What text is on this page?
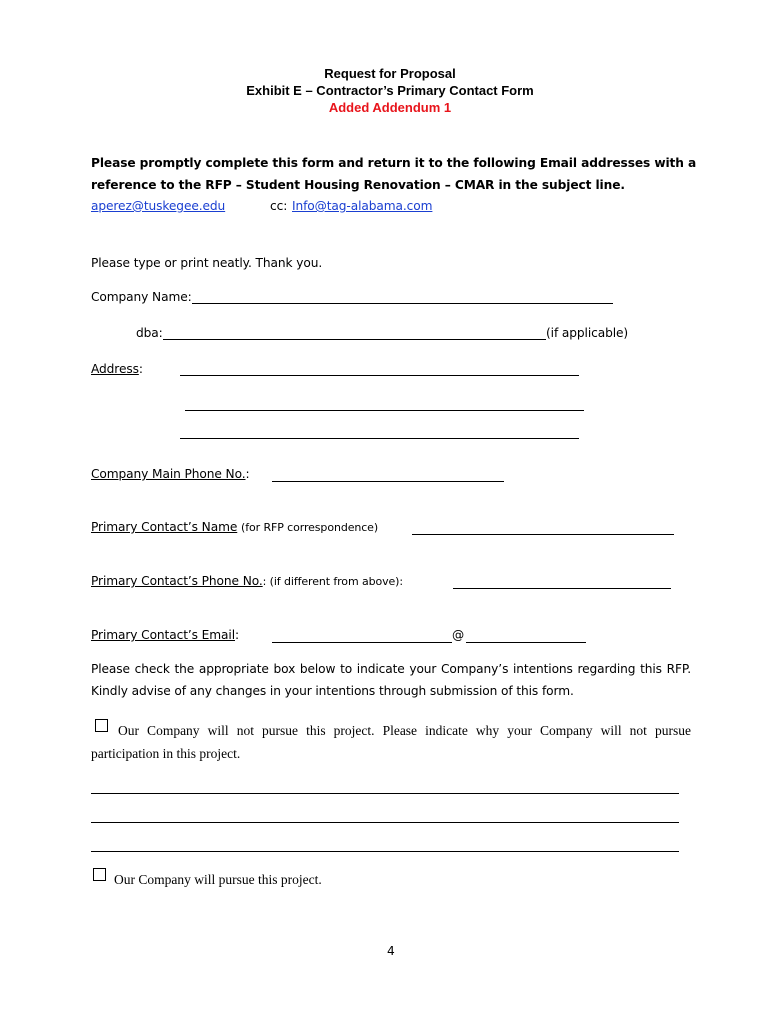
Request for Proposal
Exhibit E – Contractor’s Primary Contact Form
Added Addendum 1
Please promptly complete this form and return it to the following Email addresses with a
reference to the RFP – Student Housing Renovation – CMAR in the subject line.
aperez@tuskegee.edu	cc: Info@tag-alabama.com
Please type or print neatly. Thank you.
Company Name:
dba:	(if applicable)
Address:
Company Main Phone No.:
Primary Contact’s Name (for RFP correspondence)
Primary Contact’s Phone No.: (if different from above):
Primary Contact’s Email:	@
Please check the appropriate box below to indicate your Company’s intentions regarding this RFP.
Kindly advise of any changes in your intentions through submission of this form.
Our Company will not pursue this project. Please indicate why your Company will not pursue
participation in this project.
Our Company will pursue this project.
4
